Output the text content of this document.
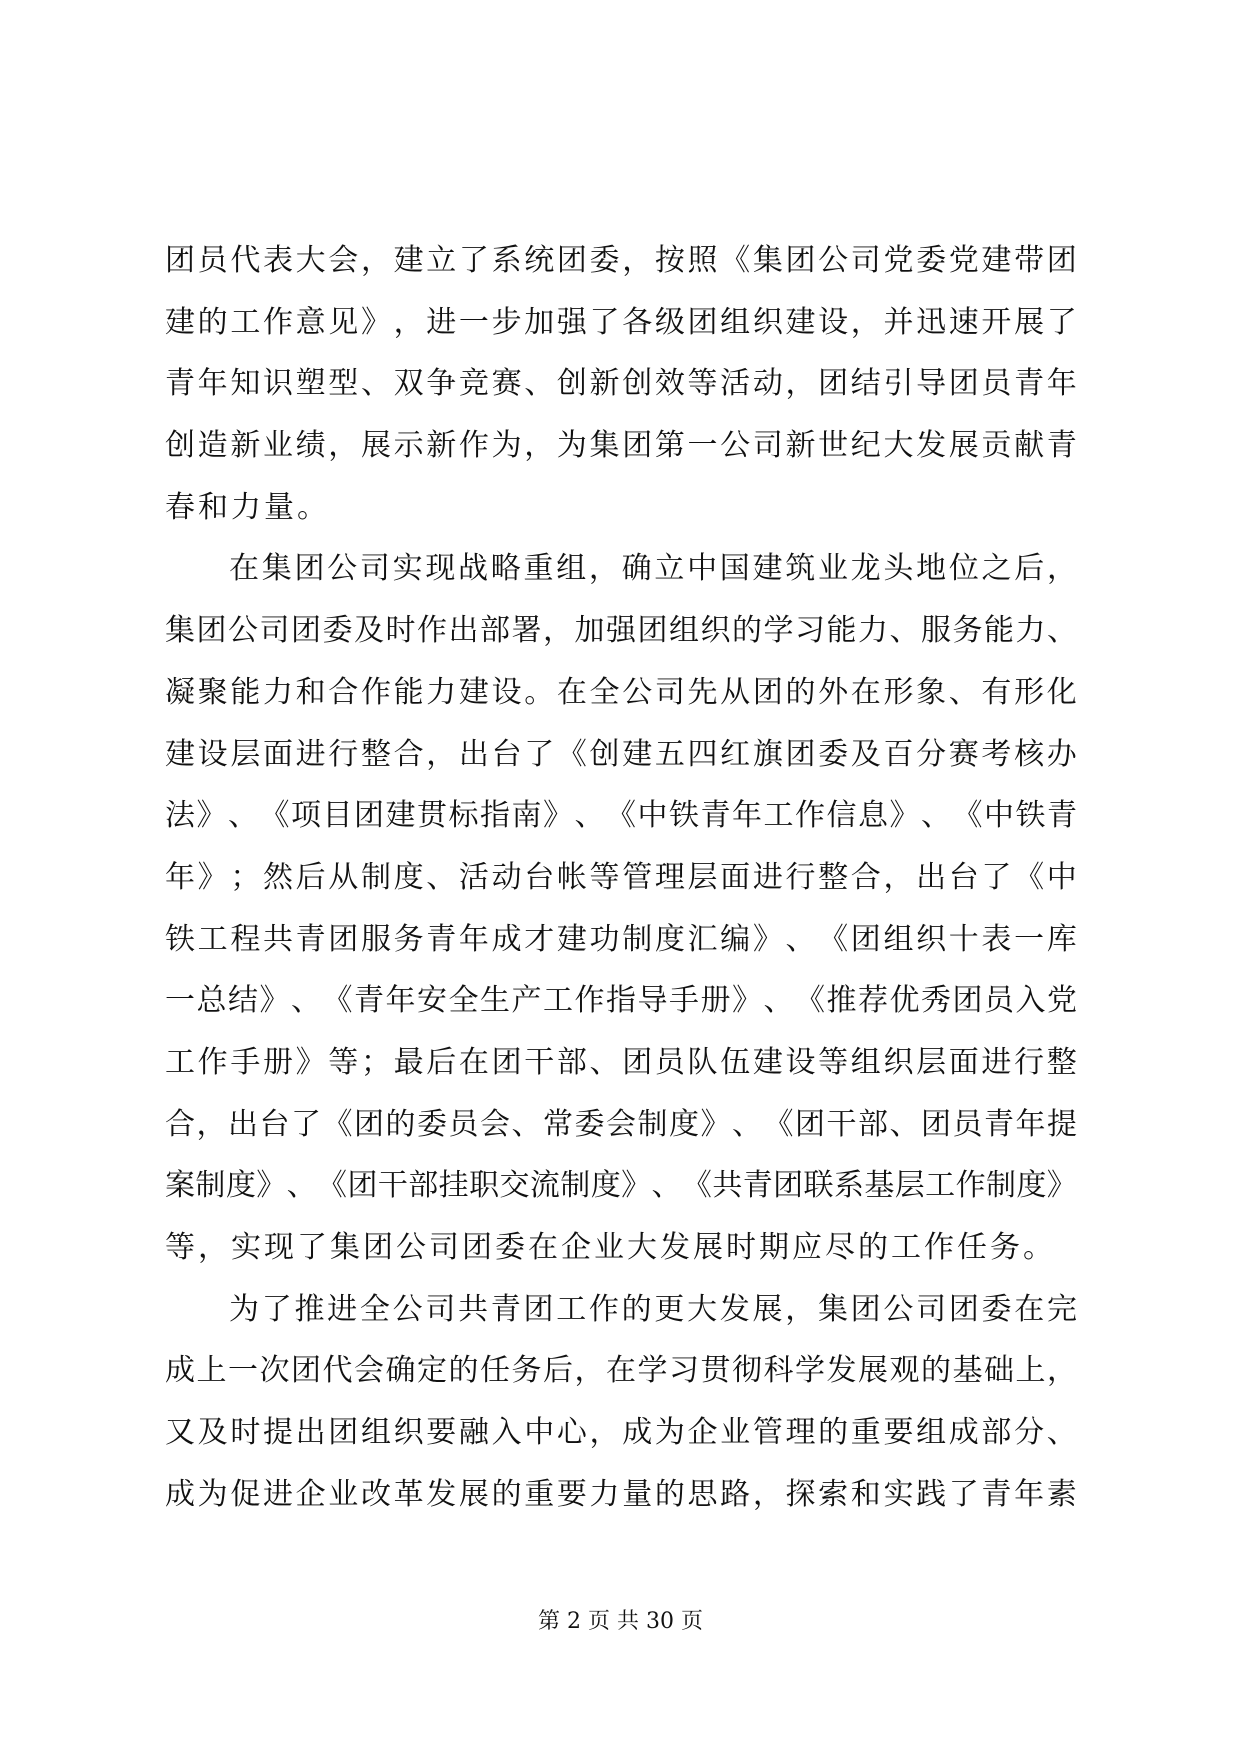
团 员 代 表 大 会 ， 建 立 了 系 统 团 委 ， 按 照 《 集 团 公 司 党 委 党 建 带 团
建 的 工 作 意 见 》 ， 进 一 步 加 强 了 各 级 团 组 织 建 设 ， 并 迅 速 开 展 了
青 年 知 识 塑 型 、 双 争 竞 赛 、 创 新 创 效 等 活 动 ， 团 结 引 导 团 员 青 年
创 造 新 业 绩 ， 展 示 新 作 为 ， 为 集 团 第 一 公 司 新 世 纪 大 发 展 贡 献 青
春和力量。
在 集 团 公 司 实 现 战 略 重 组 ， 确 立 中 国 建 筑 业 龙 头 地 位 之 后 ，
集 团 公 司 团 委 及 时 作 出 部 署 ， 加 强 团 组 织 的 学 习 能 力 、 服 务 能 力 、
凝 聚 能 力 和 合 作 能 力 建 设 。 在 全 公 司 先 从 团 的 外 在 形 象 、 有 形 化
建 设 层 面 进 行 整 合 ， 出 台 了 《 创 建 五 四 红 旗 团 委 及 百 分 赛 考 核 办
法 》 、 《 项 目 团 建 贯 标 指 南 》 、 《 中 铁 青 年 工 作 信 息 》 、 《 中 铁 青
年 》 ； 然 后 从 制 度 、 活 动 台 帐 等 管 理 层 面 进 行 整 合 ， 出 台 了 《 中
铁 工 程 共 青 团 服 务 青 年 成 才 建 功 制 度 汇 编 》 、 《 团 组 织 十 表 一 库
一 总 结 》 、 《 青 年 安 全 生 产 工 作 指 导 手 册 》 、 《 推 荐 优 秀 团 员 入 党
工 作 手 册 》 等 ； 最 后 在 团 干 部 、 团 员 队 伍 建 设 等 组 织 层 面 进 行 整
合 ， 出 台 了 《 团 的 委 员 会 、 常 委 会 制 度 》 、 《 团 干 部 、 团 员 青 年 提
案 制 度 》 、 《 团 干 部 挂 职 交 流 制 度 》 、 《 共 青 团 联 系 基 层 工 作 制 度 》
等，实现了集团公司团委在企业大发展时期应尽的工作任务。
为 了 推 进 全 公 司 共 青 团 工 作 的 更 大 发 展 ， 集 团 公 司 团 委 在 完
成 上 一 次 团 代 会 确 定 的 任 务 后 ， 在 学 习 贯 彻 科 学 发 展 观 的 基 础 上 ，
又 及 时 提 出 团 组 织 要 融 入 中 心 ， 成 为 企 业 管 理 的 重 要 组 成 部 分 、
成 为 促 进 企 业 改 革 发 展 的 重 要 力 量 的 思 路 ， 探 索 和 实 践 了 青 年 素
第 2 页 共 30 页
